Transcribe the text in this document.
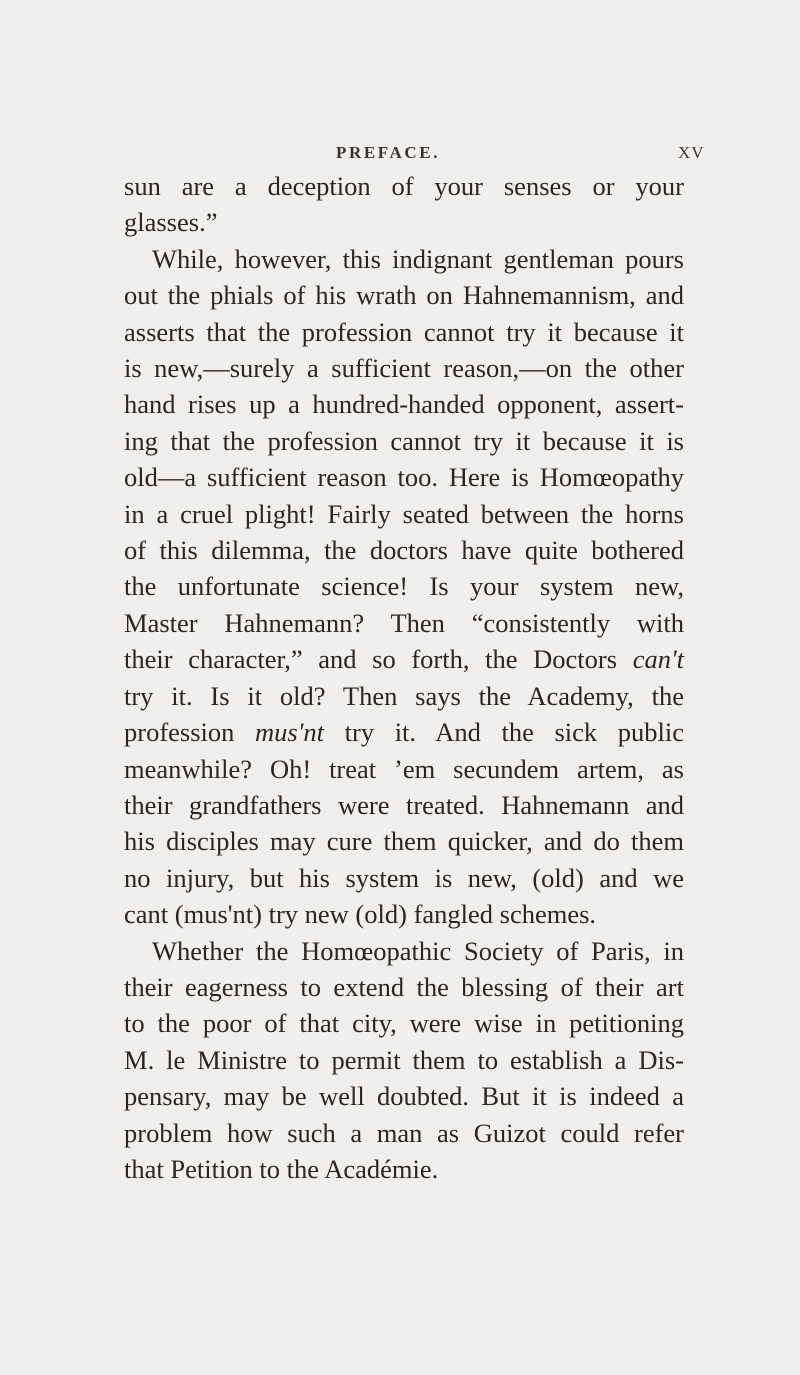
PREFACE.	XV
sun are a deception of your senses or your
glasses.”
While, however, this indignant gentleman pours
out the phials of his wrath on Hahnemannism, and
asserts that the profession cannot try it because it
is new,—surely a sufficient reason,—on the other
hand rises up a hundred-handed opponent, assert-
ing that the profession cannot try it because it is
old—a sufficient reason too. Here is Homœopathy
in a cruel plight! Fairly seated between the horns
of this dilemma, the doctors have quite bothered
the unfortunate science! Is your system new,
Master Hahnemann? Then “consistently with
their character,” and so forth, the Doctors can't
try it. Is it old? Then says the Academy, the
profession mus'nt try it. And the sick public
meanwhile? Oh! treat ’em secundem artem, as
their grandfathers were treated. Hahnemann and
his disciples may cure them quicker, and do them
no injury, but his system is new, (old) and we
cant (mus'nt) try new (old) fangled schemes.
Whether the Homœopathic Society of Paris, in
their eagerness to extend the blessing of their art
to the poor of that city, were wise in petitioning
M. le Ministre to permit them to establish a Dis-
pensary, may be well doubted. But it is indeed a
problem how such a man as Guizot could refer
that Petition to the Académie.
